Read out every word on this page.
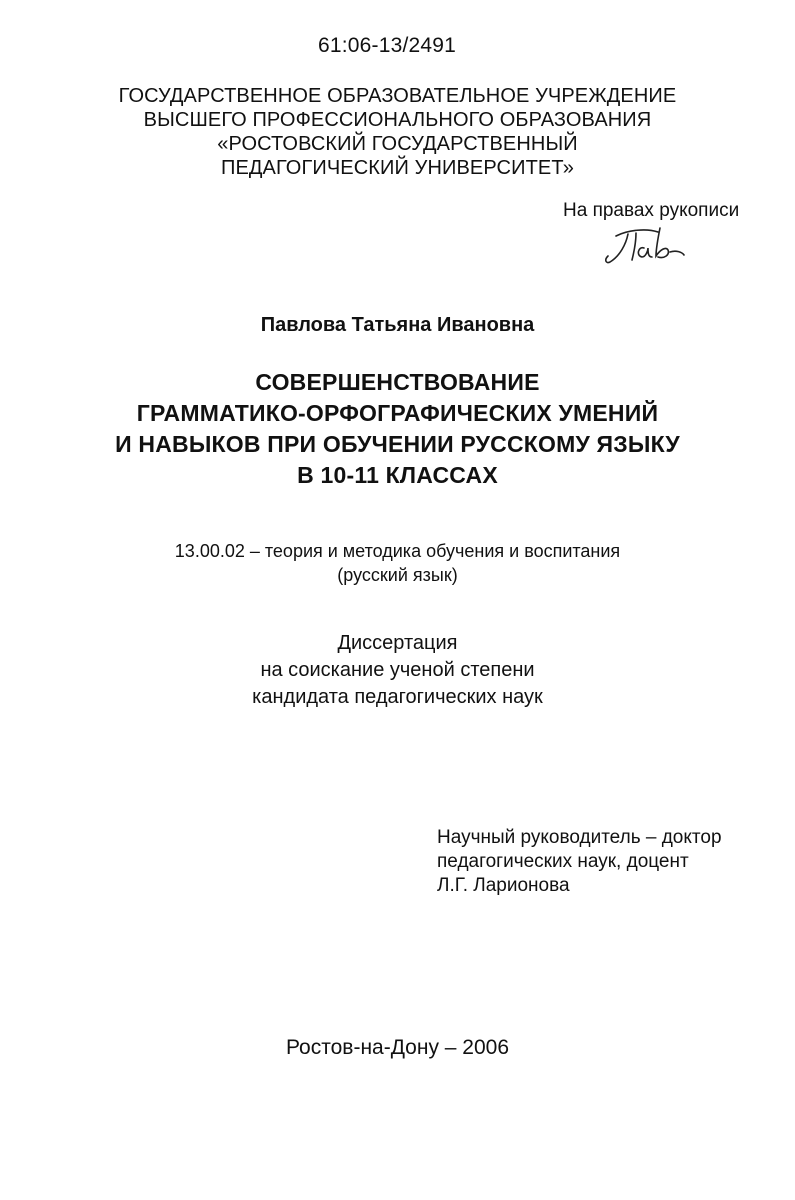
61:06-13/2491
ГОСУДАРСТВЕННОЕ ОБРАЗОВАТЕЛЬНОЕ УЧРЕЖДЕНИЕ
ВЫСШЕГО ПРОФЕССИОНАЛЬНОГО ОБРАЗОВАНИЯ
«РОСТОВСКИЙ ГОСУДАРСТВЕННЫЙ
ПЕДАГОГИЧЕСКИЙ УНИВЕРСИТЕТ»
На правах рукописи
Павлова Татьяна Ивановна
СОВЕРШЕНСТВОВАНИЕ
ГРАММАТИКО-ОРФОГРАФИЧЕСКИХ УМЕНИЙ
И НАВЫКОВ ПРИ ОБУЧЕНИИ РУССКОМУ ЯЗЫКУ
В 10-11 КЛАССАХ
13.00.02 – теория и методика обучения и воспитания
(русский язык)
Диссертация
на соискание ученой степени
кандидата педагогических наук
Научный руководитель – доктор
педагогических наук, доцент
Л.Г. Ларионова
Ростов-на-Дону – 2006
